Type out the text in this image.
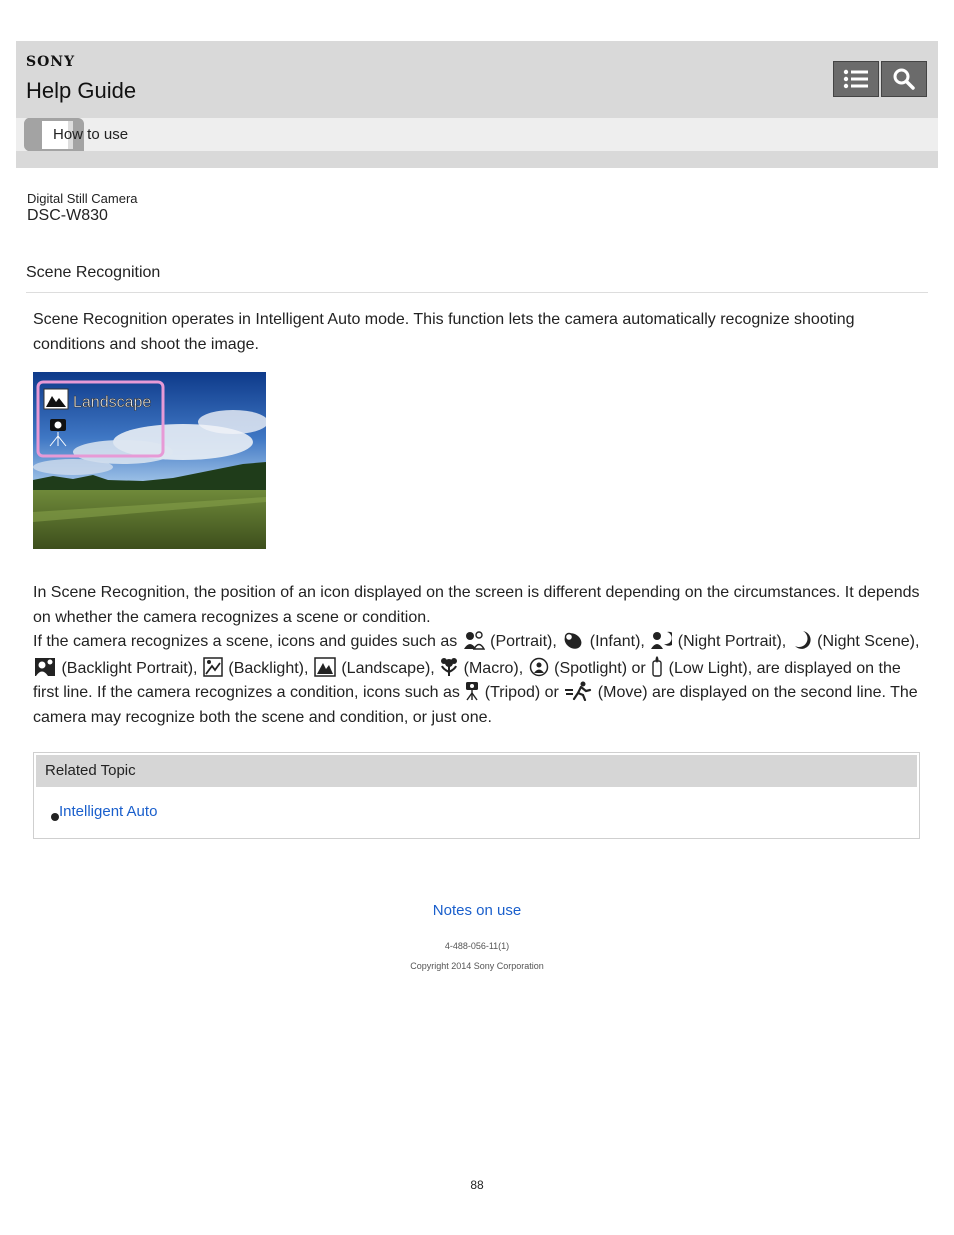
SONY
Help Guide
How to use
Digital Still Camera
DSC-W830
Scene Recognition
Scene Recognition operates in Intelligent Auto mode. This function lets the camera automatically recognize shooting conditions and shoot the image.
Landscape
In Scene Recognition, the position of an icon displayed on the screen is different depending on the circumstances. It depends on whether the camera recognizes a scene or condition.
If the camera recognizes a scene, icons and guides such as (Portrait), (Infant), (Night Portrait), (Night Scene),  (Backlight Portrait), (Backlight), (Landscape), (Macro), (Spotlight) or (Low Light), are displayed on the first line. If the camera recognizes a condition, icons such as (Tripod) or (Move) are displayed on the second line. The camera may recognize both the scene and condition, or just one.
Related Topic
Intelligent Auto
Notes on use
4-488-056-11(1)
Copyright 2014 Sony Corporation
88
